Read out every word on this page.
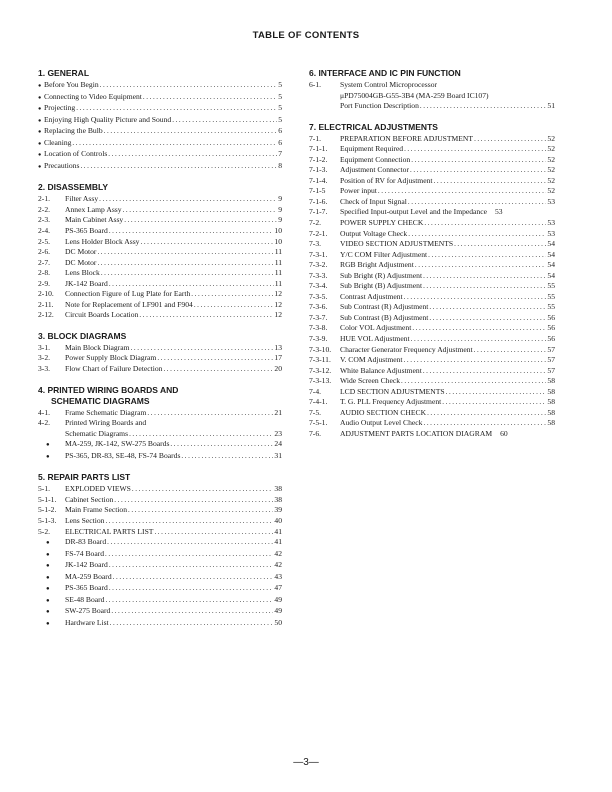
TABLE OF CONTENTS
1. GENERAL
● Before You Begin .....	5
● Connecting to Video Equipment .....	5
● Projecting .....	5
● Enjoying High Quality Picture and Sound .....	5
● Replacing the Bulb .....	6
● Cleaning .....	6
● Location of Controls .....	7
● Precautions .....	8
2. DISASSEMBLY
2-1.	Filter Assy .....	9
2-2.	Annex Lamp Assy .....	9
2-3.	Main Cabinet Assy .....	9
2-4.	PS-365 Board .....	10
2-5.	Lens Holder Block Assy .....	10
2-6.	DC Motor .....	11
2-7.	DC Motor .....	11
2-8.	Lens Block .....	11
2-9.	JK-142 Board .....	11
2-10.	Connection Figure of Lug Plate for Earth .....	12
2-11.	Note for Replacement of LF901 and F904 .....	12
2-12.	Circuit Boards Location .....	12
3. BLOCK DIAGRAMS
3-1.	Main Block Diagram .....	13
3-2.	Power Supply Block Diagram .....	17
3-3.	Flow Chart of Failure Detection .....	20
4. PRINTED WIRING BOARDS AND
SCHEMATIC DIAGRAMS
4-1.	Frame Schematic Diagram .....	21
4-2.	Printed Wiring Boards and
Schematic Diagrams .....	23
●	MA-259, JK-142, SW-275 Boards .....	24
●	PS-365, DR-83, SE-48, FS-74 Boards .....	31
5. REPAIR PARTS LIST
5-1.	EXPLODED VIEWS .....	38
5-1-1.	Cabinet Section .....	38
5-1-2.	Main Frame Section .....	39
5-1-3.	Lens Section .....	40
5-2.	ELECTRICAL PARTS LIST .....	41
●	DR-83 Board .....	41
●	FS-74 Board .....	42
●	JK-142 Board .....	42
●	MA-259 Board .....	43
●	PS-365 Board .....	47
●	SE-48 Board .....	49
●	SW-275 Board .....	49
●	Hardware List .....	50
6. INTERFACE AND IC PIN FUNCTION
6-1.	System Control Microprocessor
μPD75004GB-G55-3B4 (MA-259 Board IC107)
Port Function Description .....	51
7. ELECTRICAL ADJUSTMENTS
7-1.	PREPARATION BEFORE ADJUSTMENT .....	52
7-1-1.	Equipment Required .....	52
7-1-2.	Equipment Connection .....	52
7-1-3.	Adjustment Connector .....	52
7-1-4.	Position of RV for Adjustment .....	52
7-1-5	Power input .....	52
7-1-6.	Check of Input Signal .....	53
7-1-7.	Specified Input-output Level and the Impedance 53
7-2.	POWER SUPPLY CHECK .....	53
7-2-1.	Output Voltage Check .....	53
7-3.	VIDEO SECTION ADJUSTMENTS .....	54
7-3-1.	Y/C COM Filter Adjustment .....	54
7-3-2.	RGB Bright Adjustment .....	54
7-3-3.	Sub Bright (R) Adjustment .....	54
7-3-4.	Sub Bright (B) Adjustment .....	55
7-3-5.	Contrast Adjustment .....	55
7-3-6.	Sub Contrast (R) Adjustment .....	55
7-3-7.	Sub Contrast (B) Adjustment .....	56
7-3-8.	Color VOL Adjustment .....	56
7-3-9.	HUE VOL Adjustment .....	56
7-3-10.	Character Generator Frequency Adjustment .....	57
7-3-11.	V. COM Adjustment .....	57
7-3-12.	White Balance Adjustment .....	57
7-3-13.	Wide Screen Check .....	58
7-4.	LCD SECTION ADJUSTMENTS .....	58
7-4-1.	T. G. PLL Frequency Adjustment .....	58
7-5.	AUDIO SECTION CHECK .....	58
7-5-1.	Audio Output Level Check .....	58
7-6.	ADJUSTMENT PARTS LOCATION DIAGRAM 60
—3—
